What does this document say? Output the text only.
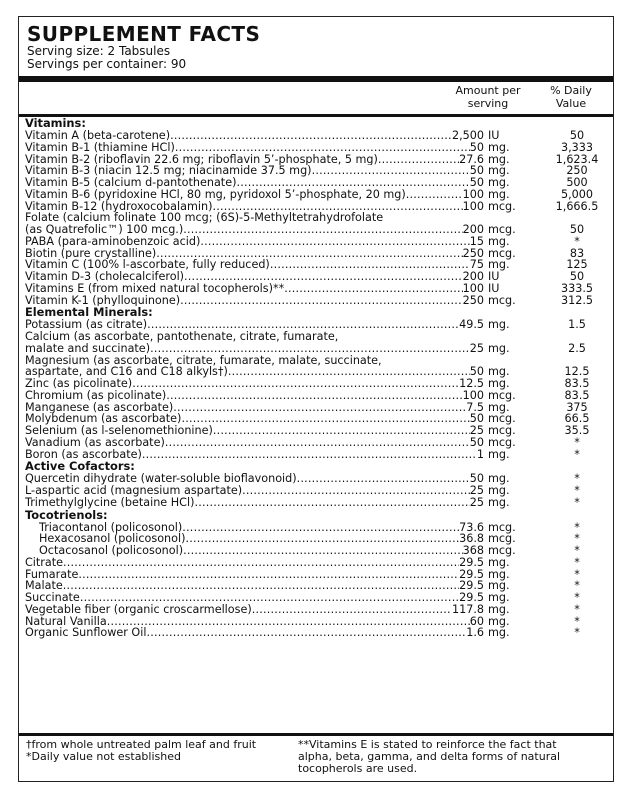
SUPPLEMENT FACTS
Serving size: 2 Tabsules
Servings per container: 90
Amount per
serving
% Daily
Value
Vitamins:
Vitamin A (beta-carotene) .....	2,500 IU	50
Vitamin B-1 (thiamine HCl) .....	50 mg.	3,333
Vitamin B-2 (riboflavin 22.6 mg; riboflavin 5’-phosphate, 5 mg) .....	27.6 mg.	1,623.4
Vitamin B-3 (niacin 12.5 mg; niacinamide 37.5 mg) .....	50 mg.	250
Vitamin B-5 (calcium d-pantothenate) .....	50 mg.	500
Vitamin B-6 (pyridoxine HCl, 80 mg, pyridoxol 5’-phosphate, 20 mg) .....	100 mg.	5,000
Vitamin B-12 (hydroxocobalamin) .....	100 mcg.	1,666.5
Folate (calcium folinate 100 mcg; (6S)-5-Methyltetrahydrofolate
(as Quatrefolic™) 100 mcg.) .....	200 mcg.	50
PABA (para-aminobenzoic acid) .....	15 mg.	*
Biotin (pure crystalline) .....	250 mcg.	83
Vitamin C (100% l-ascorbate, fully reduced) .....	75 mg.	125
Vitamin D-3 (cholecalciferol) .....	200 IU	50
Vitamins E (from mixed natural tocopherols)** .....	100 IU	333.5
Vitamin K-1 (phylloquinone) .....	250 mcg.	312.5
Elemental Minerals:
Potassium (as citrate) .....	49.5 mg.	1.5
Calcium (as ascorbate, pantothenate, citrate, fumarate,
malate and succinate) .....	25 mg.	2.5
Magnesium (as ascorbate, citrate, fumarate, malate, succinate,
aspartate, and C16 and C18 alkyls†) .....	50 mg.	12.5
Zinc (as picolinate) .....	12.5 mg.	83.5
Chromium (as picolinate) .....	100 mcg.	83.5
Manganese (as ascorbate) .....	7.5 mg.	375
Molybdenum (as ascorbate) .....	50 mcg.	66.5
Selenium (as l-selenomethionine) .....	25 mcg.	35.5
Vanadium (as ascorbate) .....	50 mcg.	*
Boron (as ascorbate) .....	1 mg.	*
Active Cofactors:
Quercetin dihydrate (water-soluble bioflavonoid) .....	50 mg.	*
L-aspartic acid (magnesium aspartate) .....	25 mg.	*
Trimethylglycine (betaine HCl) .....	25 mg.	*
Tocotrienols:
Triacontanol (policosonol) .....	73.6 mcg.	*
Hexacosanol (policosonol) .....	36.8 mcg.	*
Octacosanol (policosonol) .....	368 mcg.	*
Citrate .....	29.5 mg.	*
Fumarate .....	29.5 mg.	*
Malate .....	29.5 mg.	*
Succinate .....	29.5 mg.	*
Vegetable fiber (organic croscarmellose) .....	117.8 mg.	*
Natural Vanilla .....	60 mg.	*
Organic Sunflower Oil .....	1.6 mg.	*
†from whole untreated palm leaf and fruit
*Daily value not established
**Vitamins E is stated to reinforce the fact that
alpha, beta, gamma, and delta forms of natural
tocopherols are used.
